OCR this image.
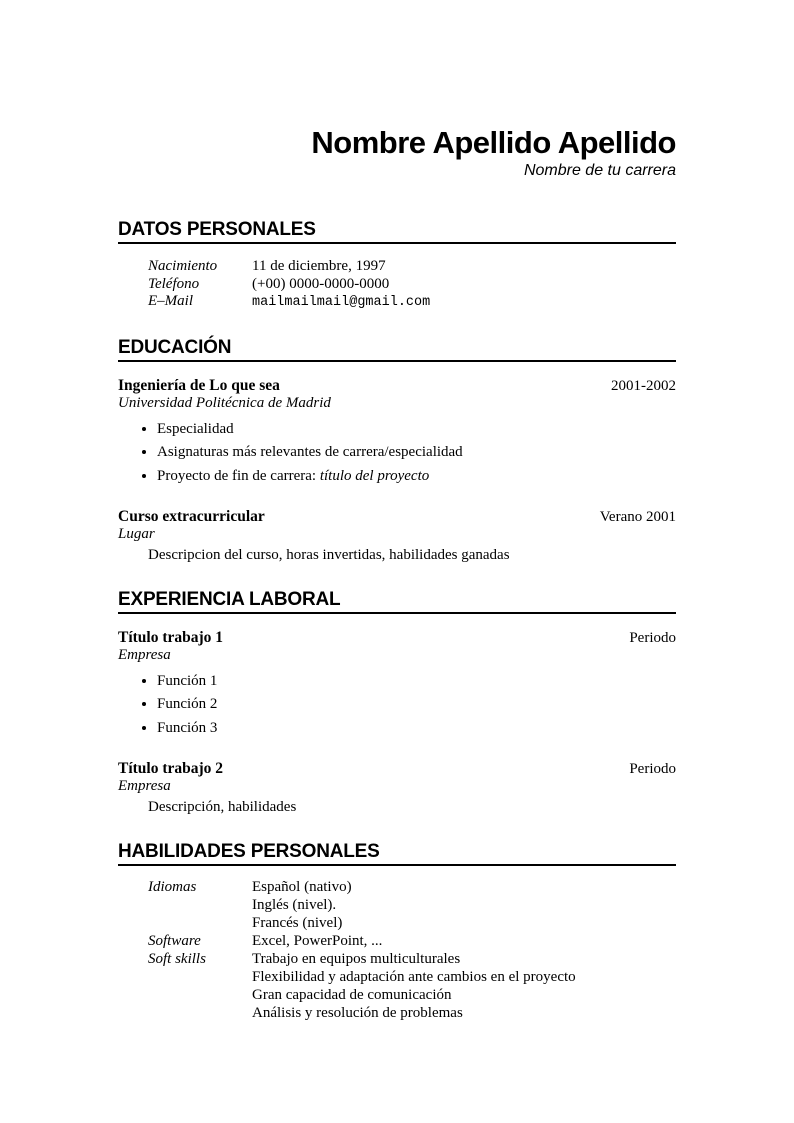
Nombre Apellido Apellido
Nombre de tu carrera
DATOS PERSONALES
Nacimiento	11 de diciembre, 1997
Teléfono	(+00) 0000-0000-0000
E–Mail	mailmailmail@gmail.com
EDUCACIÓN
Ingeniería de Lo que sea	2001-2002
Universidad Politécnica de Madrid
• Especialidad
• Asignaturas más relevantes de carrera/especialidad
• Proyecto de fin de carrera: título del proyecto
Curso extracurricular	Verano 2001
Lugar
Descripcion del curso, horas invertidas, habilidades ganadas
EXPERIENCIA LABORAL
Título trabajo 1	Periodo
Empresa
• Función 1
• Función 2
• Función 3
Título trabajo 2	Periodo
Empresa
Descripción, habilidades
HABILIDADES PERSONALES
Idiomas	Español (nativo)
Inglés (nivel).
Francés (nivel)
Software	Excel, PowerPoint, ...
Soft skills	Trabajo en equipos multiculturales
Flexibilidad y adaptación ante cambios en el proyecto
Gran capacidad de comunicación
Análisis y resolución de problemas
